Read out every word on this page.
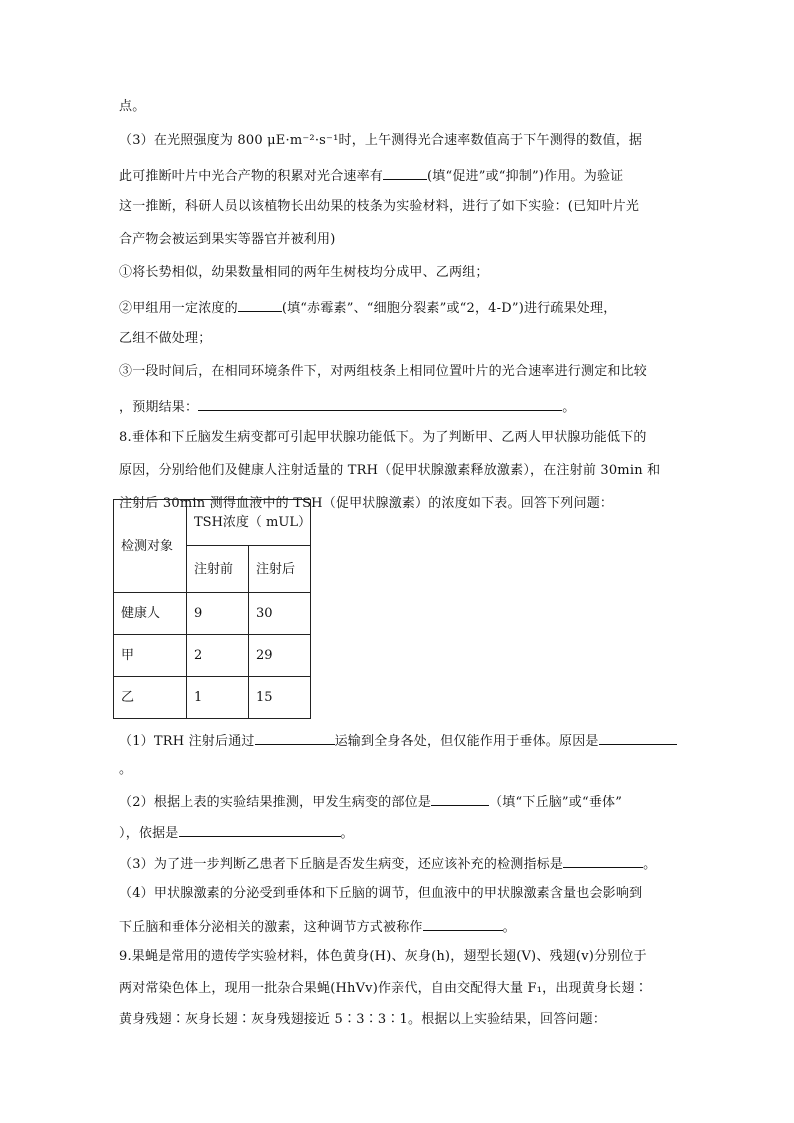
点。
（3）在光照强度为 800 μE·m⁻²·s⁻¹时，上午测得光合速率数值高于下午测得的数值，据
此可推断叶片中光合产物的积累对光合速率有	(填“促进”或“抑制”)作用。为验证
这一推断，科研人员以该植物长出幼果的枝条为实验材料，进行了如下实验：(已知叶片光
合产物会被运到果实等器官并被利用)
①将长势相似，幼果数量相同的两年生树枝均分成甲、乙两组；
②甲组用一定浓度的	(填“赤霉素”、“细胞分裂素”或“2，4-D”)进行疏果处理，
乙组不做处理；
③一段时间后，在相同环境条件下，对两组枝条上相同位置叶片的光合速率进行测定和比较
，预期结果：	。
8.垂体和下丘脑发生病变都可引起甲状腺功能低下。为了判断甲、乙两人甲状腺功能低下的
原因，分别给他们及健康人注射适量的 TRH（促甲状腺激素释放激素），在注射前 30min 和
注射后 30min 测得血液中的 TSH（促甲状腺激素）的浓度如下表。回答下列问题：
检测对象	TSH浓度（ mUL）	
	注射前	注射后
健康人	9	30
甲	2	29
乙	1	15
（1）TRH 注射后通过	运输到全身各处，但仅能作用于垂体。原因是
。
（2）根据上表的实验结果推测，甲发生病变的部位是	（填“下丘脑”或“垂体”
），依据是	。
（3）为了进一步判断乙患者下丘脑是否发生病变，还应该补充的检测指标是	。
（4）甲状腺激素的分泌受到垂体和下丘脑的调节，但血液中的甲状腺激素含量也会影响到
下丘脑和垂体分泌相关的激素，这种调节方式被称作	。
9.果蝇是常用的遗传学实验材料，体色黄身(H)、灰身(h)，翅型长翅(V)、残翅(v)分别位于
两对常染色体上，现用一批杂合果蝇(HhVv)作亲代，自由交配得大量 F₁，出现黄身长翅∶
黄身残翅∶灰身长翅∶灰身残翅接近 5∶3∶3∶1。根据以上实验结果，回答问题：
